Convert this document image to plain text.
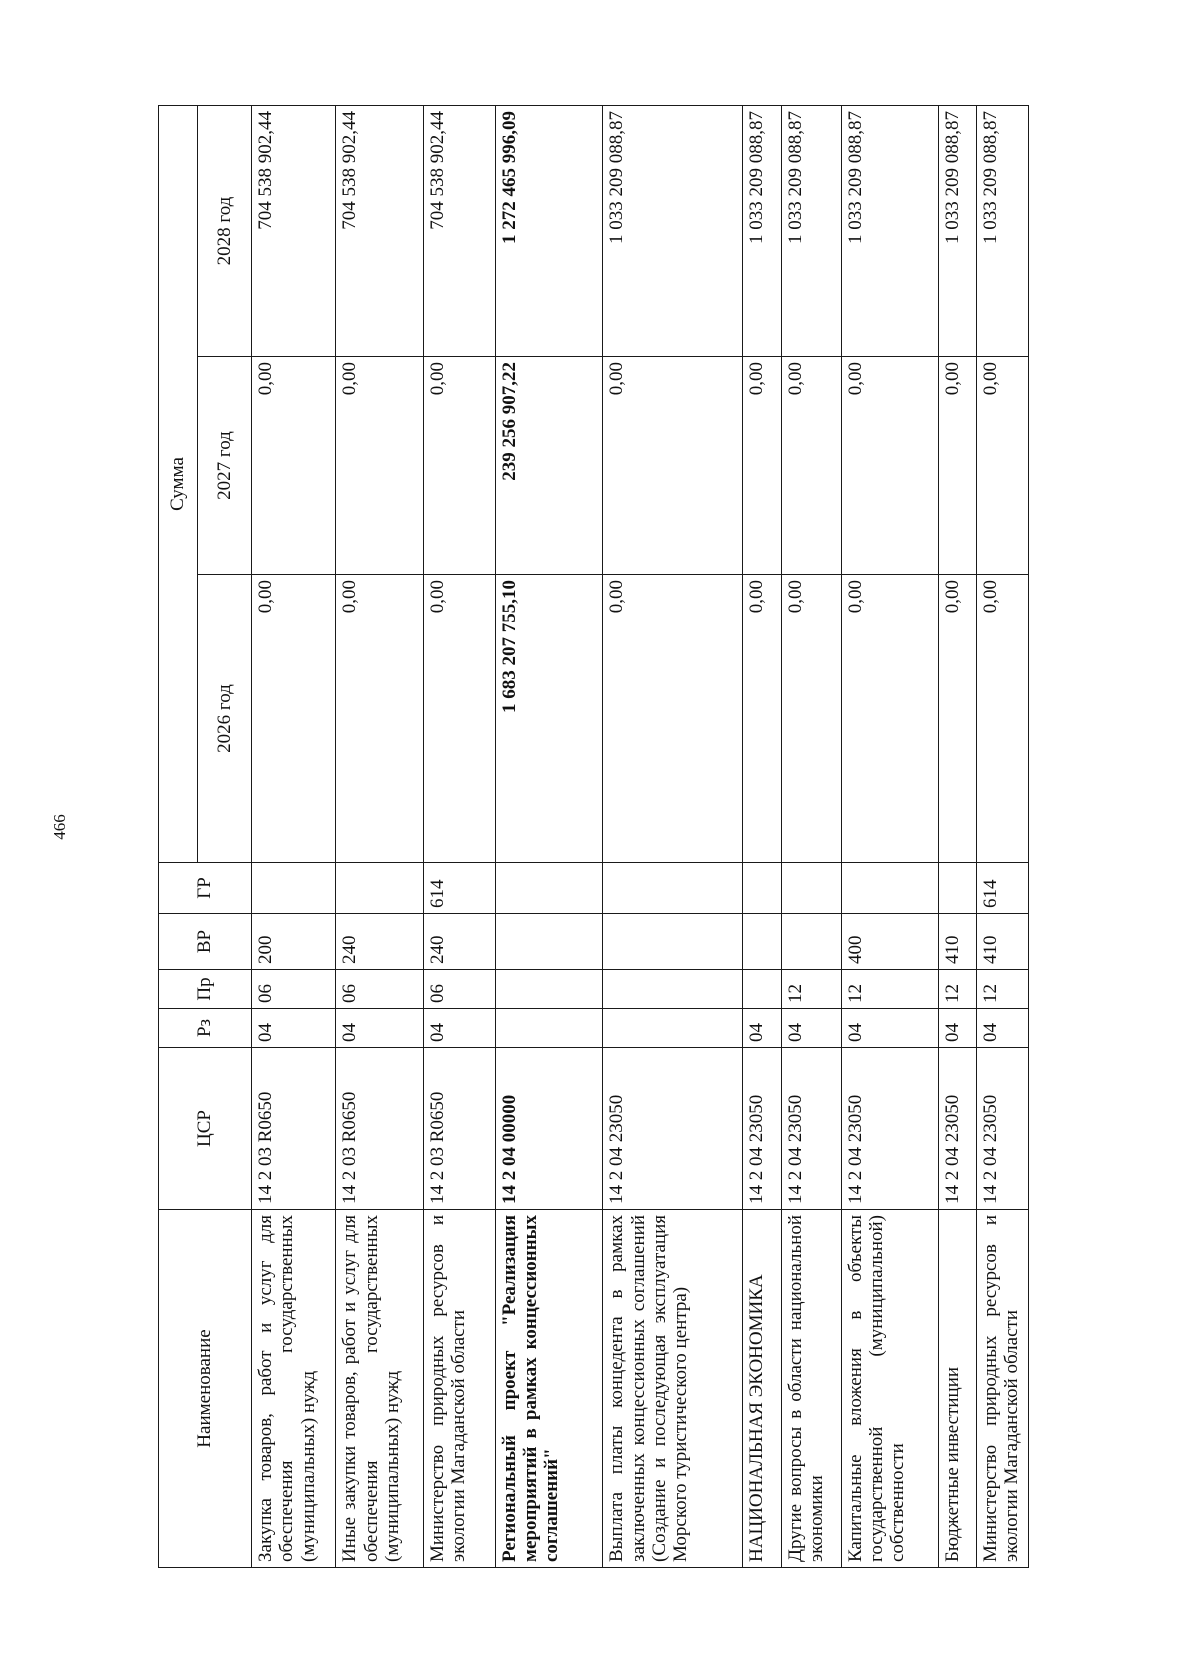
466
Наименование	ЦСР	Рз	Пр	ВР	ГР	Сумма		
						2026 год	2027 год	2028 год
Закупка товаров, работ и услуг для обеспечения государственных (муниципальных) нужд	14 2 03 R0650	04	06	200		0,00	0,00	704 538 902,44
Иные закупки товаров, работ и услуг для обеспечения государственных (муниципальных) нужд	14 2 03 R0650	04	06	240		0,00	0,00	704 538 902,44
Министерство природных ресурсов и экологии Магаданской области	14 2 03 R0650	04	06	240	614	0,00	0,00	704 538 902,44
Региональный проект "Реализация мероприятий в рамках концессионных соглашений"	14 2 04 00000					1 683 207 755,10	239 256 907,22	1 272 465 996,09
Выплата платы концедента в рамках заключенных концессионных соглашений (Создание и последующая эксплуатация Морского туристического центра)	14 2 04 23050					0,00	0,00	1 033 209 088,87
НАЦИОНАЛЬНАЯ ЭКОНОМИКА	14 2 04 23050	04				0,00	0,00	1 033 209 088,87
Другие вопросы в области национальной экономики	14 2 04 23050	04	12			0,00	0,00	1 033 209 088,87
Капитальные вложения в объекты государственной (муниципальной) собственности	14 2 04 23050	04	12	400		0,00	0,00	1 033 209 088,87
Бюджетные инвестиции	14 2 04 23050	04	12	410		0,00	0,00	1 033 209 088,87
Министерство природных ресурсов и экологии Магаданской области	14 2 04 23050	04	12	410	614	0,00	0,00	1 033 209 088,87
